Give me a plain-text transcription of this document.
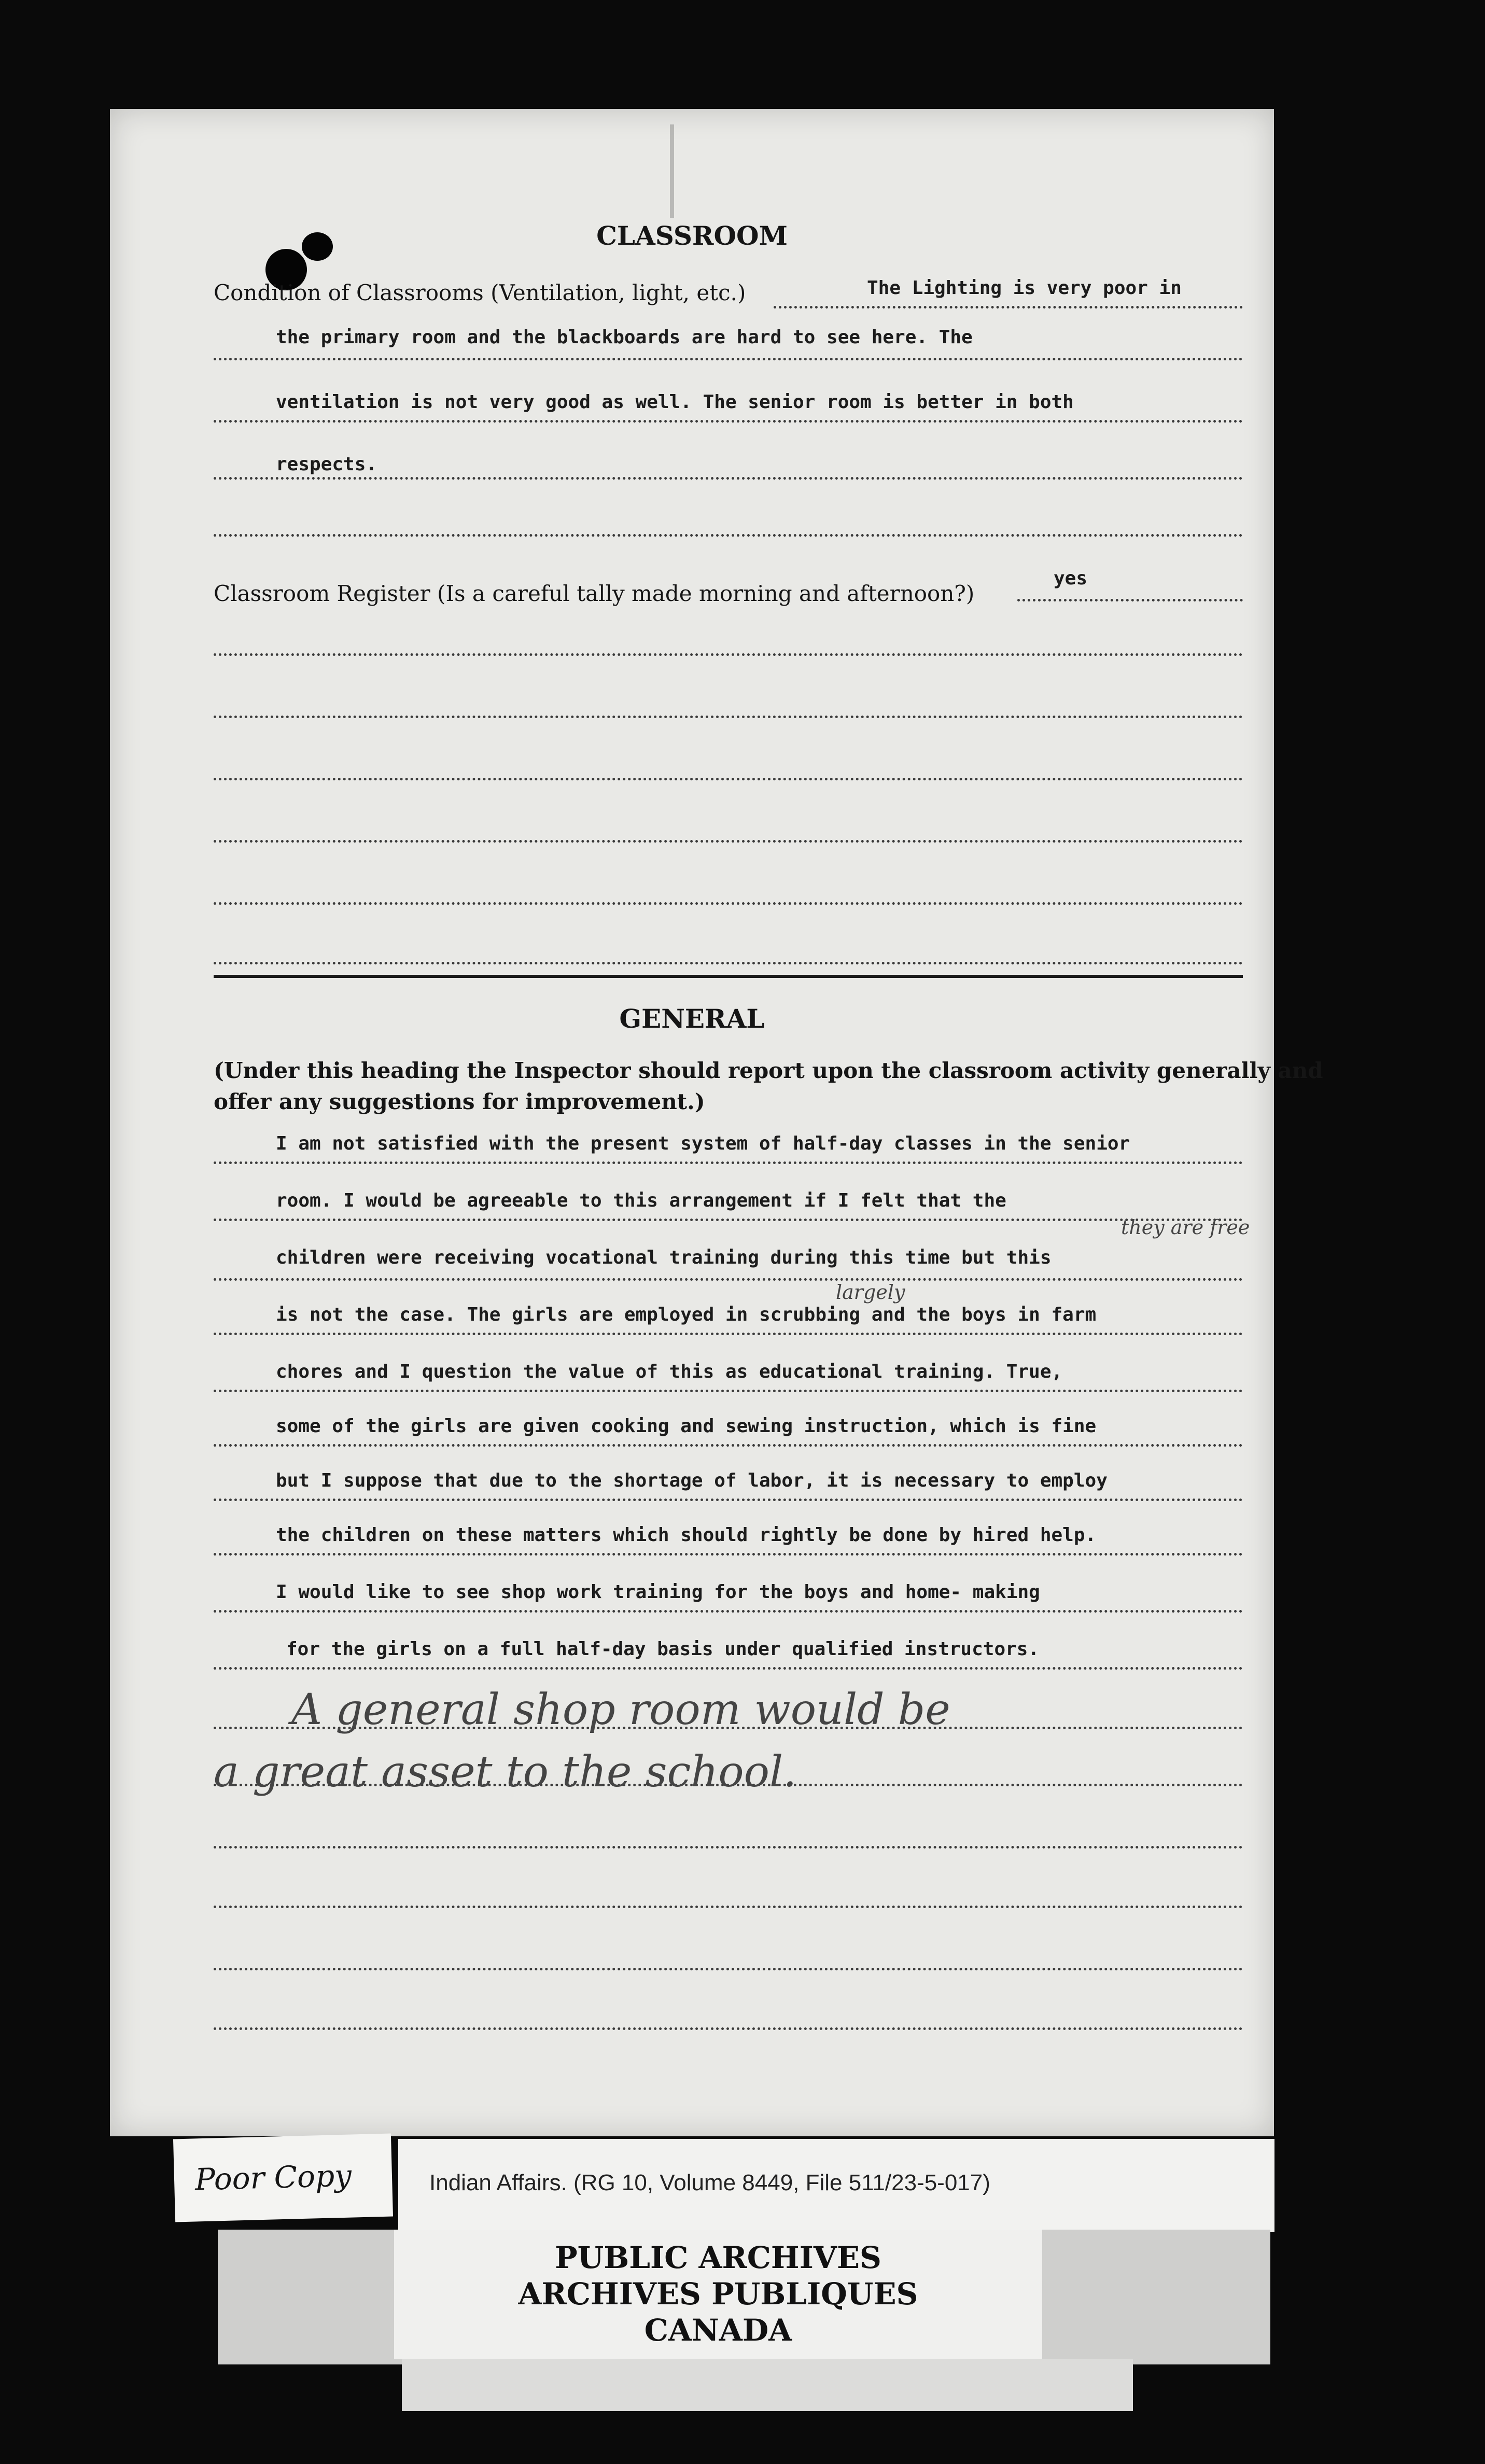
CLASSROOM
Condition of Classrooms (Ventilation, light, etc.)	The Lighting is very poor in
the primary room and the blackboards are hard to see here. The
ventilation is not very good as well. The senior room is better in both
respects.
Classroom Register (Is a careful tally made morning and afternoon?)
yes
GENERAL
(Under this heading the Inspector should report upon the classroom activity generally and
offer any suggestions for improvement.)
I am not satisfied with the present system of half-day classes in the senior
room. I would be agreeable to this arrangement if I felt that the
they are free
children were receiving vocational training during this time but this
largely
is not the case. The girls are employed in scrubbing and the boys in farm
chores and I question the value of this as educational training. True,
some of the girls are given cooking and sewing instruction, which is fine
but I suppose that due to the shortage of labor, it is necessary to employ
the children on these matters which should rightly be done by hired help.
I would like to see shop work training for the boys and home- making
for the girls on a full half-day basis under qualified instructors.
A general shop room would be
a great asset to the school.
Poor Copy	Indian Affairs. (RG 10, Volume 8449, File 511/23-5-017)
PUBLIC ARCHIVES
ARCHIVES PUBLIQUES
CANADA
